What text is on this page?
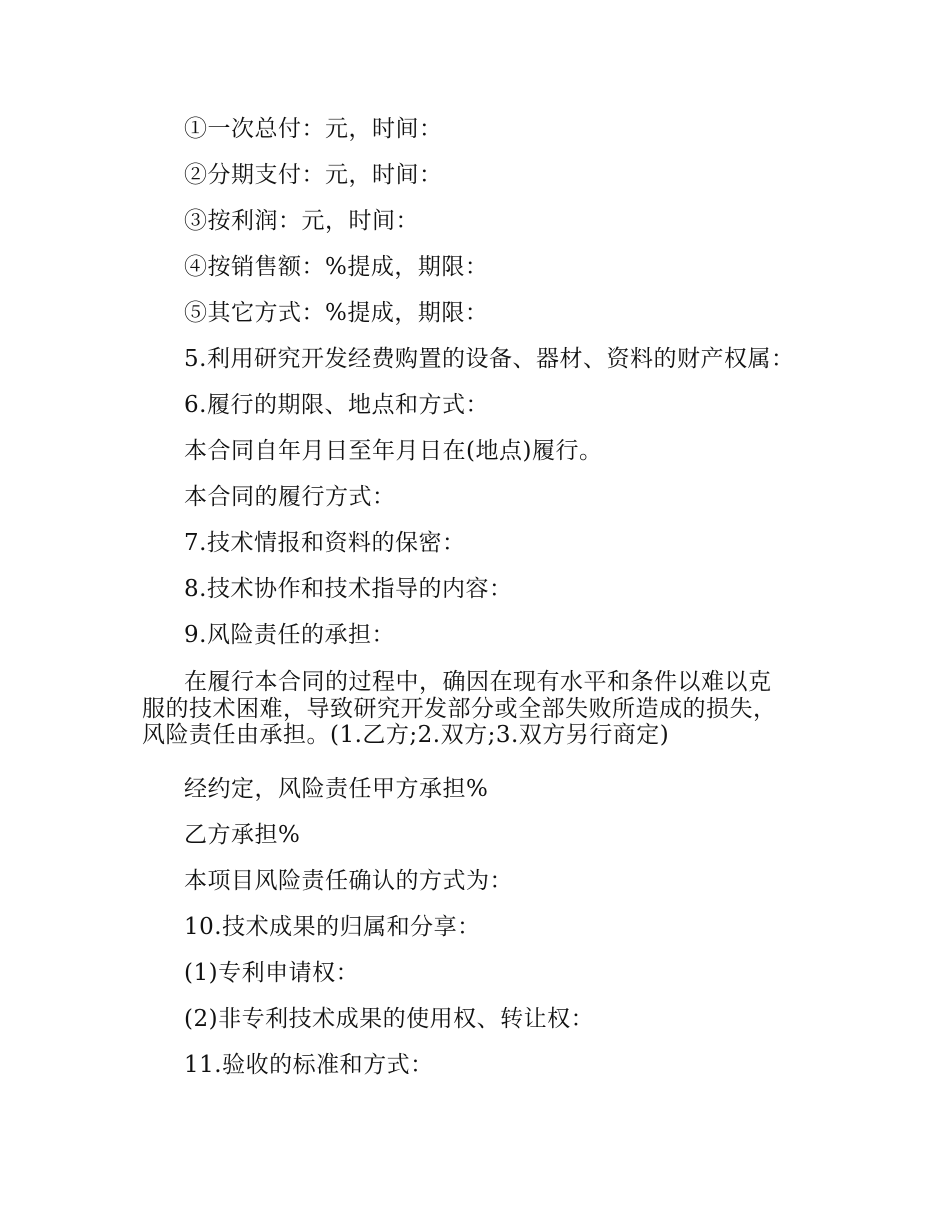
①一次总付：元，时间：
②分期支付：元，时间：
③按利润：元，时间：
④按销售额：%提成，期限：
⑤其它方式：%提成，期限：
5.利用研究开发经费购置的设备、器材、资料的财产权属：
6.履行的期限、地点和方式：
本合同自年月日至年月日在(地点)履行。
本合同的履行方式：
7.技术情报和资料的保密：
8.技术协作和技术指导的内容：
9.风险责任的承担：
在履行本合同的过程中，确因在现有水平和条件以难以克
服的技术困难，导致研究开发部分或全部失败所造成的损失，
风险责任由承担。(1.乙方;2.双方;3.双方另行商定)
经约定，风险责任甲方承担%
乙方承担%
本项目风险责任确认的方式为：
10.技术成果的归属和分享：
(1)专利申请权：
(2)非专利技术成果的使用权、转让权：
11.验收的标准和方式：
